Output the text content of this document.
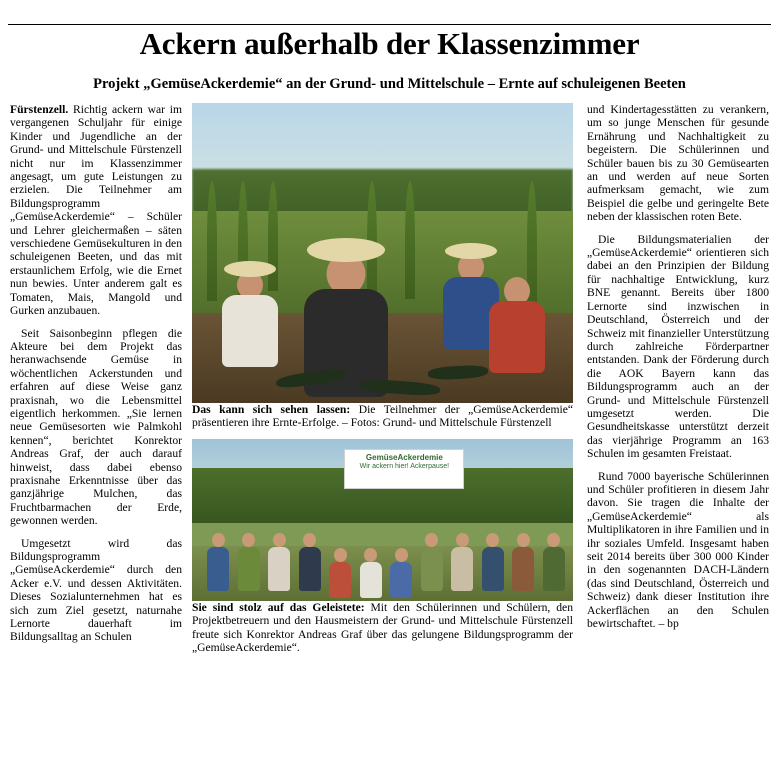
Ackern außerhalb der Klassenzimmer
Projekt „GemüseAckerdemie“ an der Grund- und Mittelschule – Ernte auf schuleigenen Beeten

Fürstenzell. Richtig ackern war im vergangenen Schuljahr für einige Kinder und Jugendliche an der Grund- und Mittelschule Fürstenzell nicht nur im Klassenzimmer angesagt, um gute Leistungen zu erzielen. Die Teilnehmer am Bildungsprogramm „GemüseAckerdemie“ – Schüler und Lehrer gleichermaßen – säten verschiedene Gemüsekulturen in den schuleigenen Beeten, und das mit erstaunlichem Erfolg, wie die Ernet nun bewies. Unter anderem galt es Tomaten, Mais, Mangold und Gurken anzubauen.

Seit Saisonbeginn pflegen die Akteure bei dem Projekt das heranwachsende Gemüse in wöchentlichen Ackerstunden und erfahren auf diese Weise ganz praxisnah, wo die Lebensmittel eigentlich herkommen. „Sie lernen neue Gemüsesorten wie Palmkohl kennen“, berichtet Konrektor Andreas Graf, der auch darauf hinweist, dass dabei ebenso praxisnahe Erkenntnisse über das ganzjährige Mulchen, das Fruchtbarmachen der Erde, gewonnen werden.

Umgesetzt wird das Bildungsprogramm „GemüseAckerdemie“ durch den Acker e.V. und dessen Aktivitäten. Dieses Sozialunternehmen hat es sich zum Ziel gesetzt, naturnahe Lernorte dauerhaft im Bildungsalltag an Schulen

Das kann sich sehen lassen: Die Teilnehmer der „GemüseAckerdemie“ präsentieren ihre Ernte-Erfolge. – Fotos: Grund- und Mittelschule Fürstenzell

GemüseAckerdemie
Wir ackern hier! Ackerpause!

Sie sind stolz auf das Geleistete: Mit den Schülerinnen und Schülern, den Projektbetreuern und den Hausmeistern der Grund- und Mittelschule Fürstenzell freute sich Konrektor Andreas Graf über das gelungene Bildungsprogramm der „GemüseAckerdemie“.

und Kindertagesstätten zu verankern, um so junge Menschen für gesunde Ernährung und Nachhaltigkeit zu begeistern. Die Schülerinnen und Schüler bauen bis zu 30 Gemüsearten an und werden auf neue Sorten aufmerksam gemacht, wie zum Beispiel die gelbe und geringelte Bete neben der klassischen roten Bete.

Die Bildungsmaterialien der „GemüseAckerdemie“ orientieren sich dabei an den Prinzipien der Bildung für nachhaltige Entwicklung, kurz BNE genannt. Bereits über 1800 Lernorte sind inzwischen in Deutschland, Österreich und der Schweiz mit finanzieller Unterstützung durch zahlreiche Förderpartner entstanden. Dank der Förderung durch die AOK Bayern kann das Bildungsprogramm auch an der Grund- und Mittelschule Fürstenzell umgesetzt werden. Die Gesundheitskasse unterstützt derzeit das vierjährige Programm an 163 Schulen im gesamten Freistaat.

Rund 7000 bayerische Schülerinnen und Schüler profitieren in diesem Jahr davon. Sie tragen die Inhalte der „GemüseAckerdemie“ als Multiplikatoren in ihre Familien und in ihr soziales Umfeld. Insgesamt haben seit 2014 bereits über 300 000 Kinder in den sogenannten DACH-Ländern (das sind Deutschland, Österreich und Schweiz) dank dieser Institution ihre Ackerflächen an den Schulen bewirtschaftet. – bp
